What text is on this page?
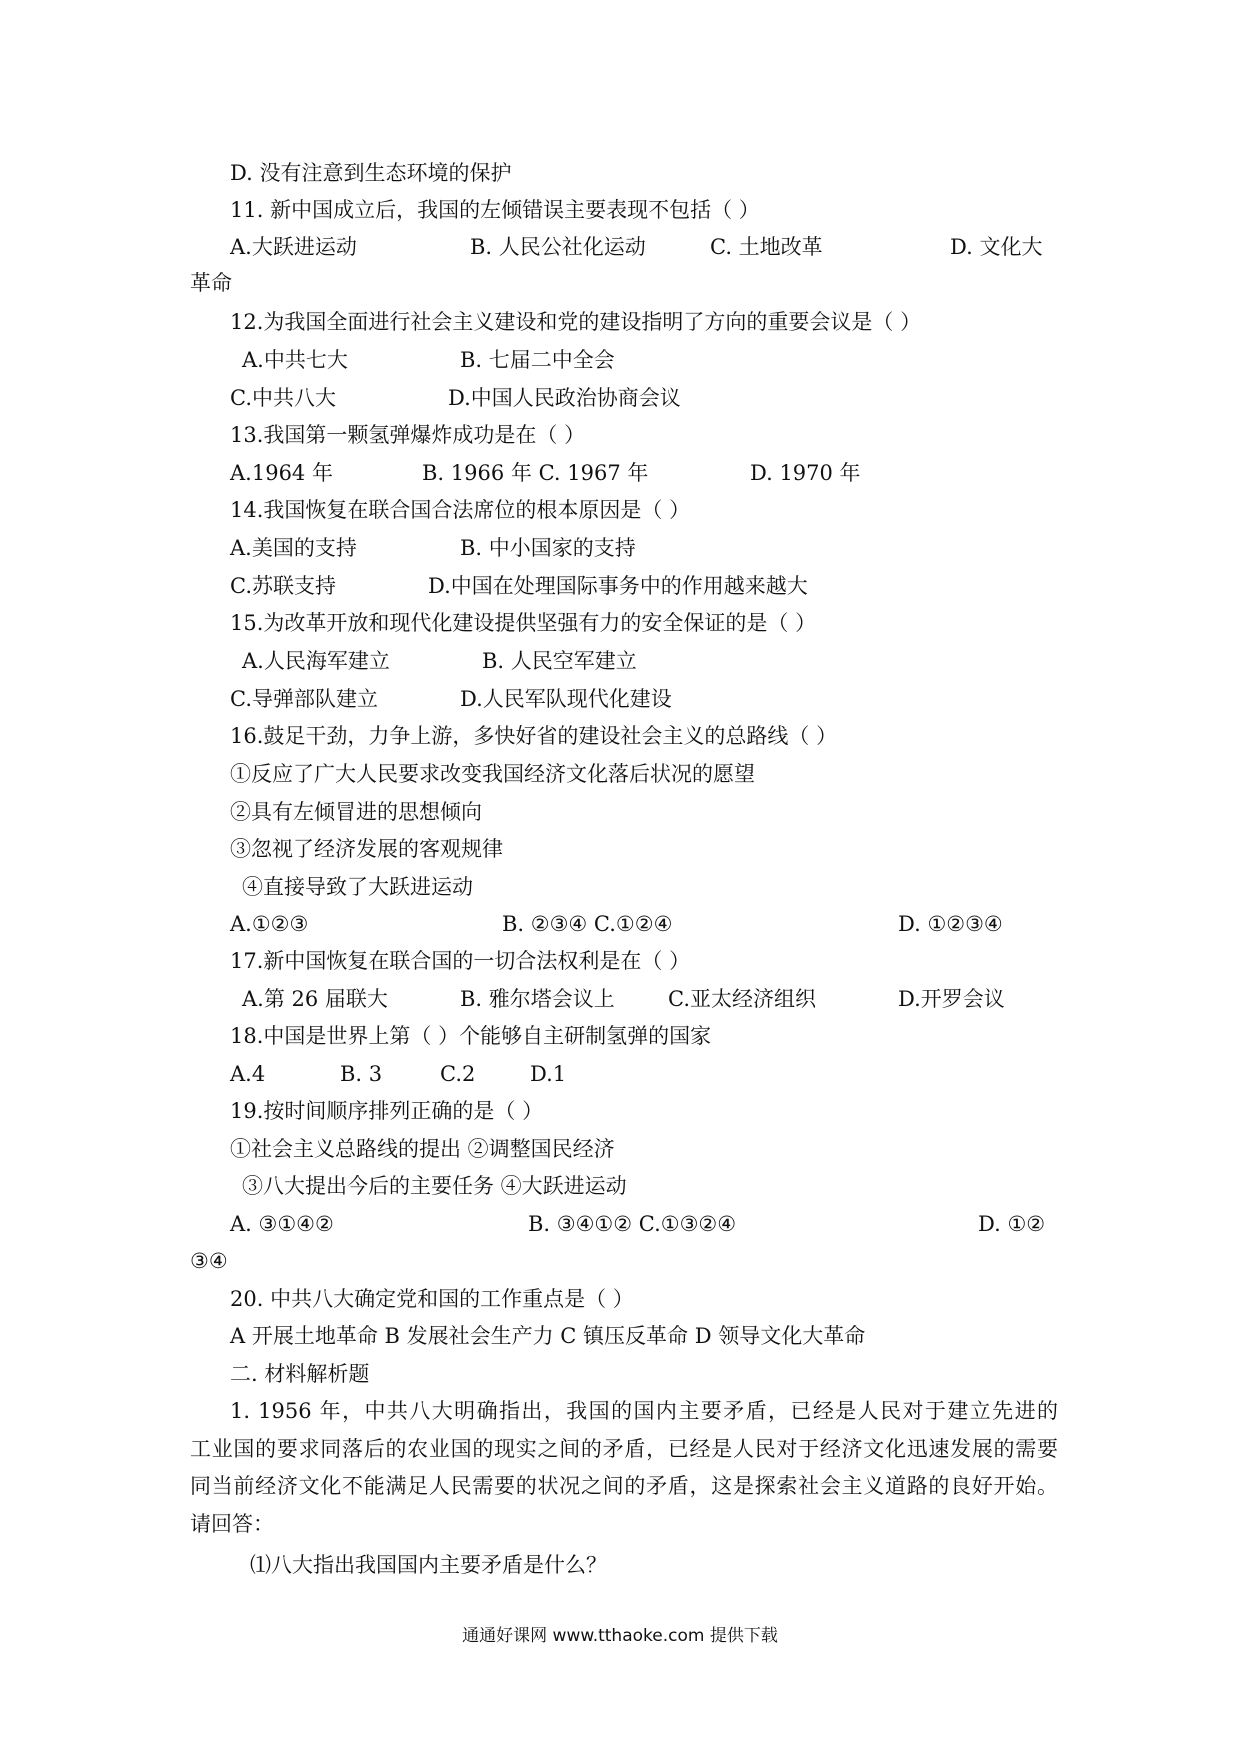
D. 没有注意到生态环境的保护
11. 新中国成立后，我国的左倾错误主要表现不包括（ ）
A.大跃进运动	B. 人民公社化运动	C. 土地改革	D. 文化大
革命
12.为我国全面进行社会主义建设和党的建设指明了方向的重要会议是（ ）
A.中共七大	B. 七届二中全会
C.中共八大	D.中国人民政治协商会议
13.我国第一颗氢弹爆炸成功是在（ ）
A.1964 年	B. 1966 年 C. 1967 年	D. 1970 年
14.我国恢复在联合国合法席位的根本原因是（ ）
A.美国的支持	B. 中小国家的支持
C.苏联支持	D.中国在处理国际事务中的作用越来越大
15.为改革开放和现代化建设提供坚强有力的安全保证的是（ ）
A.人民海军建立	B. 人民空军建立
C.导弹部队建立	D.人民军队现代化建设
16.鼓足干劲，力争上游，多快好省的建设社会主义的总路线（ ）
①反应了广大人民要求改变我国经济文化落后状况的愿望
②具有左倾冒进的思想倾向
③忽视了经济发展的客观规律
④直接导致了大跃进运动
A.①②③	B. ②③④ C.①②④	D. ①②③④
17.新中国恢复在联合国的一切合法权利是在（ ）
A.第 26 届联大	B. 雅尔塔会议上	C.亚太经济组织	D.开罗会议
18.中国是世界上第（ ）个能够自主研制氢弹的国家
A.4	B. 3	C.2	D.1
19.按时间顺序排列正确的是（ ）
①社会主义总路线的提出 ②调整国民经济
③八大提出今后的主要任务 ④大跃进运动
A. ③①④②	B. ③④①② C.①③②④	D. ①②
③④
20. 中共八大确定党和国的工作重点是（ ）
A 开展土地革命 B 发展社会生产力 C 镇压反革命 D 领导文化大革命
二. 材料解析题
1. 1956 年，中共八大明确指出，我国的国内主要矛盾，已经是人民对于建立先进的
工业国的要求同落后的农业国的现实之间的矛盾，已经是人民对于经济文化迅速发展的需要
同当前经济文化不能满足人民需要的状况之间的矛盾，这是探索社会主义道路的良好开始。
请回答：
⑴八大指出我国国内主要矛盾是什么？
通通好课网 www.tthaoke.com 提供下载
